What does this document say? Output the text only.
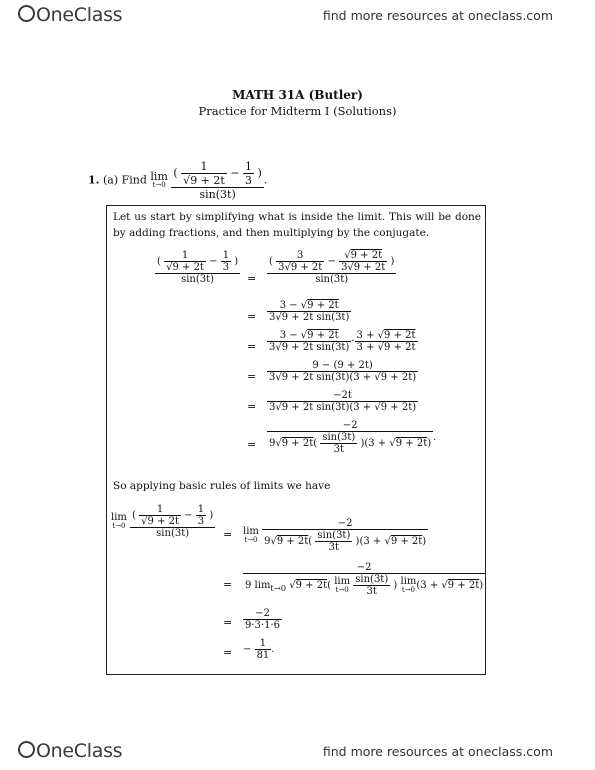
OneClass	find more resources at oneclass.com
MATH 31A (Butler)
Practice for Midterm I (Solutions)
1. (a) Find lim
t→0
$\frac{( \frac{1}{√9 + 2t} - \frac{1}{3} )}{\sin(3t)}$ .
Let us start by simplifying what is inside the limit. This will be done by adding fractions, and then multiplying by the conjugate.
$\frac{( \frac{1}{√9 + 2t} - \frac{1}{3} )}{\sin(3t)} = \frac{( \frac{3}{3√9 + 2t} - \frac{√9 + 2t}{3√9 + 2t} )}{\sin(3t)}$
= $\frac{3 - √9 + 2t}{\text{3√9 + 2t sin(3t)}}$
= $\frac{3 - √9 + 2t}{\text{3√9 + 2t sin(3t)}} \cdot \frac{3 + √9 + 2t}{3 + √9 + 2t}$
= $\frac{9 - (9 + 2t)}{\text{3√9 + 2t sin(3t)(3 + √9 + 2t)}}$
= $\frac{-2t}{\text{3√9 + 2t sin(3t)(3 + √9 + 2t)}}$
= $\frac{-2}{9√9 + 2t( \frac{\sin(3t)}{3t} )(3 + √9 + 2t)}$ .
So applying basic rules of limits we have
lim
t→0
$\frac{( \frac{1}{√9 + 2t} - \frac{1}{3} )}{\sin(3t)} = \lim$
t→0
$\frac{-2}{9√9 + 2t( \frac{\sin(3t)}{3t} )(3 + √9 + 2t)}$
= −2
9 $\lim_{t\to 0} √9 + 2t$( lim
t→0
$\frac{\sin(3t)}{3t}$ ) lim
t→0 (3 + √9 + 2t)
= $\frac{-2}{9\cdot 3\cdot 1\cdot 6}$
= − $\frac{1}{81}$ .
OneClass	find more resources at oneclass.com
